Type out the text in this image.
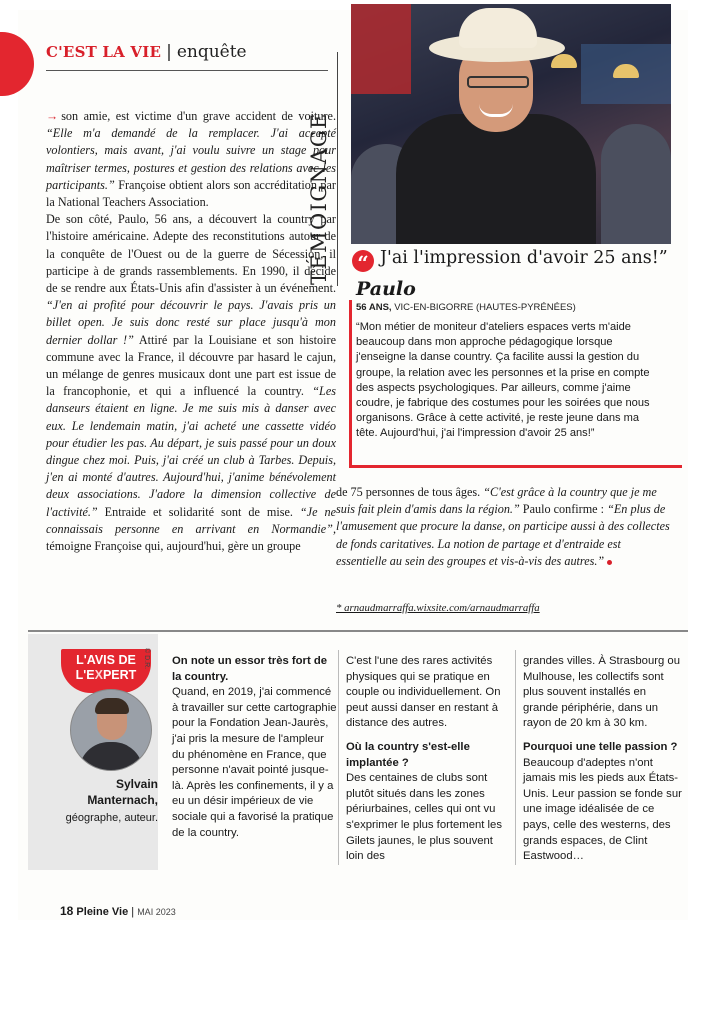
C'EST LA VIE | enquête

→ son amie, est victime d'un grave accident de voiture. “Elle m'a demandé de la remplacer. J'ai accepté volontiers, mais avant, j'ai voulu suivre un stage pour maîtriser termes, postures et gestion des relations avec les participants.” Françoise obtient alors son accréditation par la National Teachers Association.

De son côté, Paulo, 56 ans, a découvert la country par l'histoire américaine. Adepte des reconstitutions autour de la conquête de l'Ouest ou de la guerre de Sécession, il participe à de grands rassemblements. En 1990, il décide de se rendre aux États-Unis afin d'assister à un événement. “J'en ai profité pour découvrir le pays. J'avais pris un billet open. Je suis donc resté sur place jusqu'à mon dernier dollar !” Attiré par la Louisiane et son histoire commune avec la France, il découvre par hasard le cajun, un mélange de genres musicaux dont une part est issue de la francophonie, et qui a influencé la country. “Les danseurs étaient en ligne. Je me suis mis à danser avec eux. Le lendemain matin, j'ai acheté une cassette vidéo pour étudier les pas. Au départ, je suis passé pour un doux dingue chez moi. Puis, j'ai créé un club à Tarbes. Depuis, j'en ai monté d'autres. Aujourd'hui, j'anime bénévolement deux associations. J'adore la dimension collective de l'activité.” Entraide et solidarité sont de mise. “Je ne connaissais personne en arrivant en Normandie”, témoigne Françoise qui, aujourd'hui, gère un groupe

“ J'ai l'impression d'avoir 25 ans!”
Paulo
56 ANS, VIC-EN-BIGORRE (HAUTES-PYRÉNÉES)
“Mon métier de moniteur d'ateliers espaces verts m'aide beaucoup dans mon approche pédagogique lorsque j'enseigne la danse country. Ça facilite aussi la gestion du groupe, la relation avec les personnes et la prise en compte des aspects psychologiques. Par ailleurs, comme j'aime coudre, je fabrique des costumes pour les soirées que nous organisons. Grâce à cette activité, je reste jeune dans ma tête. Aujourd'hui, j'ai l'impression d'avoir 25 ans!”

de 75 personnes de tous âges. “C'est grâce à la country que je me suis fait plein d'amis dans la région.” Paulo confirme : “En plus de l'amusement que procure la danse, on participe aussi à des collectes de fonds caritatives. La notion de partage et d'entraide est essentielle au sein des groupes et vis-à-vis des autres.”

* arnaudmarraffa.wixsite.com/arnaudmarraffa
L'AVIS DE
L'EXPERT
© D.R.
Sylvain
Manternach,
géographe, auteur.

On note un essor très fort de la country.

Quand, en 2019, j'ai commencé à travailler sur cette cartographie pour la Fondation Jean-Jaurès, j'ai pris la mesure de l'ampleur du phénomène en France, que personne n'avait pointé jusque-là. Après les confinements, il y a eu un désir impérieux de vie sociale qui a favorisé la pratique de la country.

C'est l'une des rares activités physiques qui se pratique en couple ou individuellement. On peut aussi danser en restant à distance des autres.

Où la country s'est-elle implantée ?

Des centaines de clubs sont plutôt situés dans les zones périurbaines, celles qui ont vu s'exprimer le plus fortement les Gilets jaunes, le plus souvent loin des

grandes villes. À Strasbourg ou Mulhouse, les collectifs sont plus souvent installés en grande périphérie, dans un rayon de 20 km à 30 km.

Pourquoi une telle passion ?

Beaucoup d'adeptes n'ont jamais mis les pieds aux États-Unis. Leur passion se fonde sur une image idéalisée de ce pays, celle des westerns, des grands espaces, de Clint Eastwood…

18 Pleine Vie | MAI 2023
